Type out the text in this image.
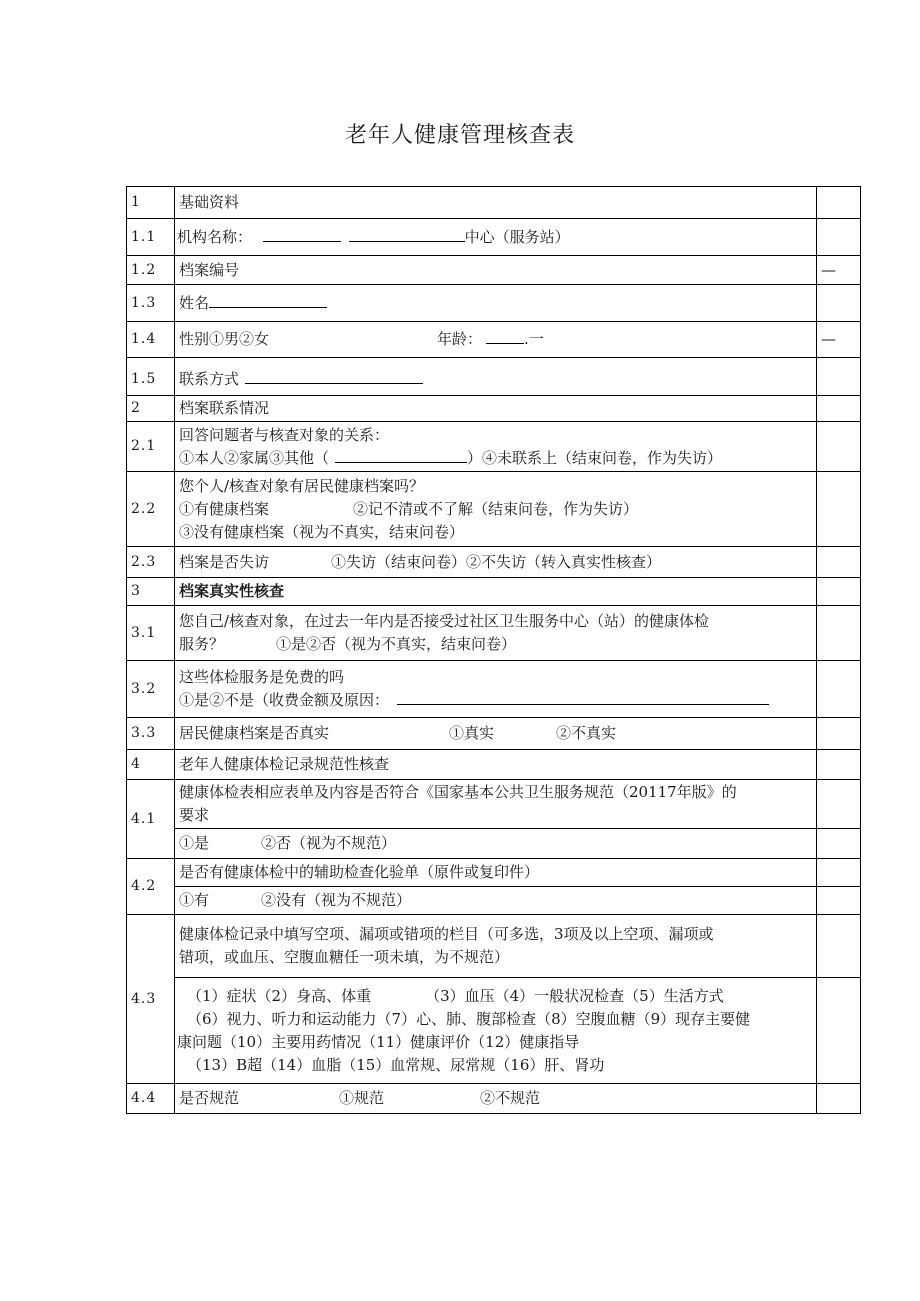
老年人健康管理核查表
1	基础资料	
1.1	机构名称： 中心（服务站）	
1.2	档案编号	—
1.3	姓名	
1.4	性别①男②女 年龄： .一	—
1.5	联系方式	
2	档案联系情况	
2.1	回答问题者与核查对象的关系：
①本人②家属③其他（ ）④未联系上（结束问卷，作为失访）	

2.2	您个人/核查对象有居民健康档案吗？
①有健康档案 ②记不清或不了解（结束问卷，作为失访）
③没有健康档案（视为不真实，结束问卷）	

2.3	档案是否失访 ①失访（结束问卷）②不失访（转入真实性核查）	
3	档案真实性核查	
3.1	您自己/核查对象，在过去一年内是否接受过社区卫生服务中心（站）的健康体检
服务？ ①是②否（视为不真实，结束问卷）	

3.2	这些体检服务是免费的吗
①是②不是（收费金额及原因：	

3.3	居民健康档案是否真实 ①真实 ②不真实	
4	老年人健康体检记录规范性核查	
4.1	健康体检表相应表单及内容是否符合《国家基本公共卫生服务规范（20117年版》的
要求	

	①是 ②否（视为不规范）	
4.2	是否有健康体检中的辅助检查化验单（原件或复印件）	
	①有 ②没有（视为不规范）	
4.3	健康体检记录中填写空项、漏项或错项的栏目（可多选，3项及以上空项、漏项或
错项，或血压、空腹血糖任一项未填，为不规范）	

	（1）症状（2）身高、体重 （3）血压（4）一般状况检查（5）生活方式
（6）视力、听力和运动能力（7）心、肺、腹部检查（8）空腹血糖（9）现存主要健
康问题（10）主要用药情况（11）健康评价（12）健康指导
（13）B超（14）血脂（15）血常规、尿常规（16）肝、肾功	

4.4	是否规范 ①规范 ②不规范	
